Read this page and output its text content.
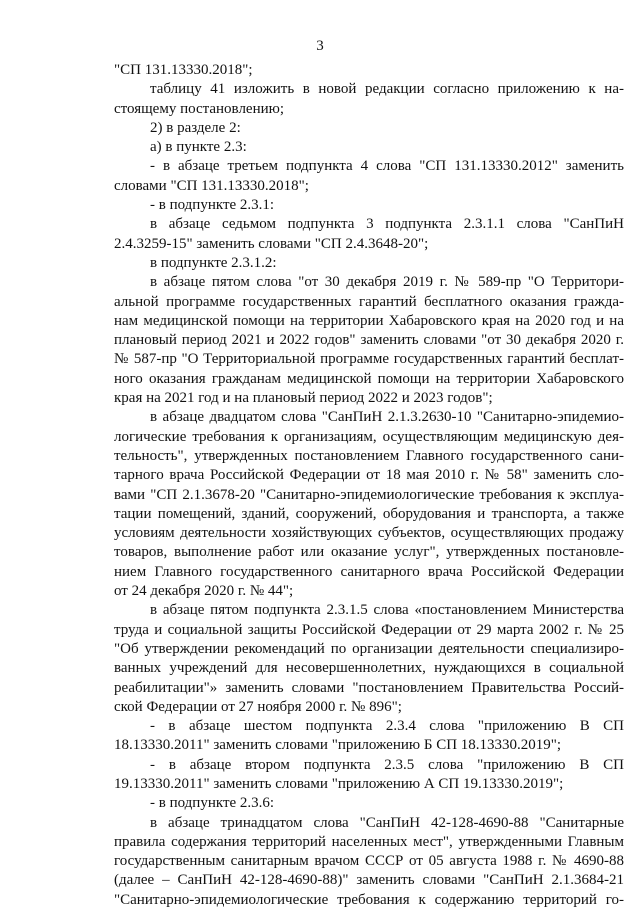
3
"СП 131.13330.2018";
таблицу 41 изложить в новой редакции согласно приложению к на-
стоящему постановлению;
2) в разделе 2:
а) в пункте 2.3:
- в абзаце третьем подпункта 4 слова "СП 131.13330.2012" заменить
словами "СП 131.13330.2018";
- в подпункте 2.3.1:
в абзаце седьмом подпункта 3 подпункта 2.3.1.1 слова "СанПиН
2.4.3259-15" заменить словами "СП 2.4.3648-20";
в подпункте 2.3.1.2:
в абзаце пятом слова "от 30 декабря 2019 г. № 589-пр "О Территори-
альной программе государственных гарантий бесплатного оказания гражда-
нам медицинской помощи на территории Хабаровского края на 2020 год и на
плановый период 2021 и 2022 годов" заменить словами "от 30 декабря 2020 г.
№ 587-пр "О Территориальной программе государственных гарантий бесплат-
ного оказания гражданам медицинской помощи на территории Хабаровского
края на 2021 год и на плановый период 2022 и 2023 годов";
в абзаце двадцатом слова "СанПиН 2.1.3.2630-10 "Санитарно-эпидемио-
логические требования к организациям, осуществляющим медицинскую дея-
тельность", утвержденных постановлением Главного государственного сани-
тарного врача Российской Федерации от 18 мая 2010 г. № 58" заменить сло-
вами "СП 2.1.3678-20 "Санитарно-эпидемиологические требования к эксплуа-
тации помещений, зданий, сооружений, оборудования и транспорта, а также
условиям деятельности хозяйствующих субъектов, осуществляющих продажу
товаров, выполнение работ или оказание услуг", утвержденных постановле-
нием Главного государственного санитарного врача Российской Федерации
от 24 декабря 2020 г. № 44";
в абзаце пятом подпункта 2.3.1.5 слова «постановлением Министерства
труда и социальной защиты Российской Федерации от 29 марта 2002 г. № 25
"Об утверждении рекомендаций по организации деятельности специализиро-
ванных учреждений для несовершеннолетних, нуждающихся в социальной
реабилитации"» заменить словами "постановлением Правительства Россий-
ской Федерации от 27 ноября 2000 г. № 896";
- в абзаце шестом подпункта 2.3.4 слова "приложению В СП
18.13330.2011" заменить словами "приложению Б СП 18.13330.2019";
- в абзаце втором подпункта 2.3.5 слова "приложению В СП
19.13330.2011" заменить словами "приложению А СП 19.13330.2019";
- в подпункте 2.3.6:
в абзаце тринадцатом слова "СанПиН 42-128-4690-88 "Санитарные
правила содержания территорий населенных мест", утвержденными Главным
государственным санитарным врачом СССР от 05 августа 1988 г. № 4690-88
(далее – СанПиН 42-128-4690-88)" заменить словами "СанПиН 2.1.3684-21
"Санитарно-эпидемиологические требования к содержанию территорий го-
